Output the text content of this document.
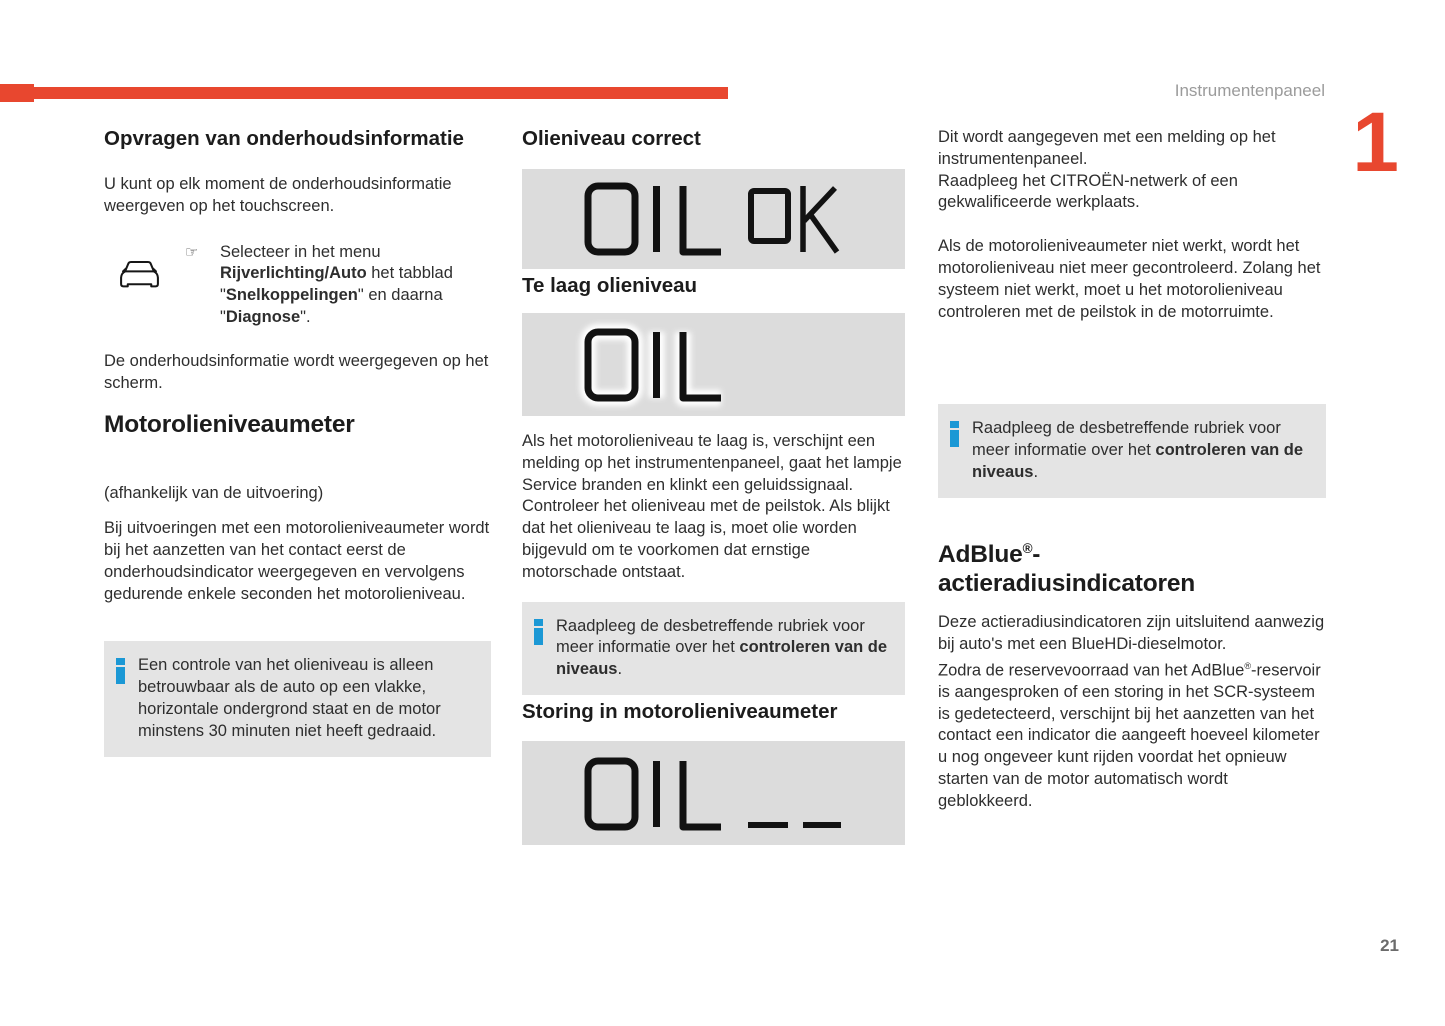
Instrumentenpaneel
1
Opvragen van onderhoudsinformatie

U kunt op elk moment de onderhoudsinformatie weergeven op het touchscreen.

☞	Selecteer in het menu Rijverlichting/Auto het tabblad "Snelkoppelingen" en daarna "Diagnose".

De onderhoudsinformatie wordt weergegeven op het scherm.

Motorolieniveaumeter

(afhankelijk van de uitvoering)

Bij uitvoeringen met een motorolieniveaumeter wordt bij het aanzetten van het contact eerst de onderhoudsindicator weergegeven en vervolgens gedurende enkele seconden het motorolieniveau.

Een controle van het olieniveau is alleen betrouwbaar als de auto op een vlakke, horizontale ondergrond staat en de motor minstens 30 minuten niet heeft gedraaid.

Olieniveau correct
Te laag olieniveau

Als het motorolieniveau te laag is, verschijnt een melding op het instrumentenpaneel, gaat het lampje Service branden en klinkt een geluidssignaal.

Controleer het olieniveau met de peilstok. Als blijkt dat het olieniveau te laag is, moet olie worden bijgevuld om te voorkomen dat ernstige motorschade ontstaat.

Raadpleeg de desbetreffende rubriek voor meer informatie over het controleren van de niveaus.

Storing in motorolieniveaumeter

Dit wordt aangegeven met een melding op het instrumentenpaneel.

Raadpleeg het CITROËN-netwerk of een gekwalificeerde werkplaats.

Als de motorolieniveaumeter niet werkt, wordt het motorolieniveau niet meer gecontroleerd. Zolang het systeem niet werkt, moet u het motorolieniveau controleren met de peilstok in de motorruimte.

Raadpleeg de desbetreffende rubriek voor meer informatie over het controleren van de niveaus.

AdBlue®-
actieradiusindicatoren

Deze actieradiusindicatoren zijn uitsluitend aanwezig bij auto's met een BlueHDi-dieselmotor.

Zodra de reservevoorraad van het AdBlue®-reservoir is aangesproken of een storing in het SCR-systeem is gedetecteerd, verschijnt bij het aanzetten van het contact een indicator die aangeeft hoeveel kilometer u nog ongeveer kunt rijden voordat het opnieuw starten van de motor automatisch wordt geblokkeerd.

21
